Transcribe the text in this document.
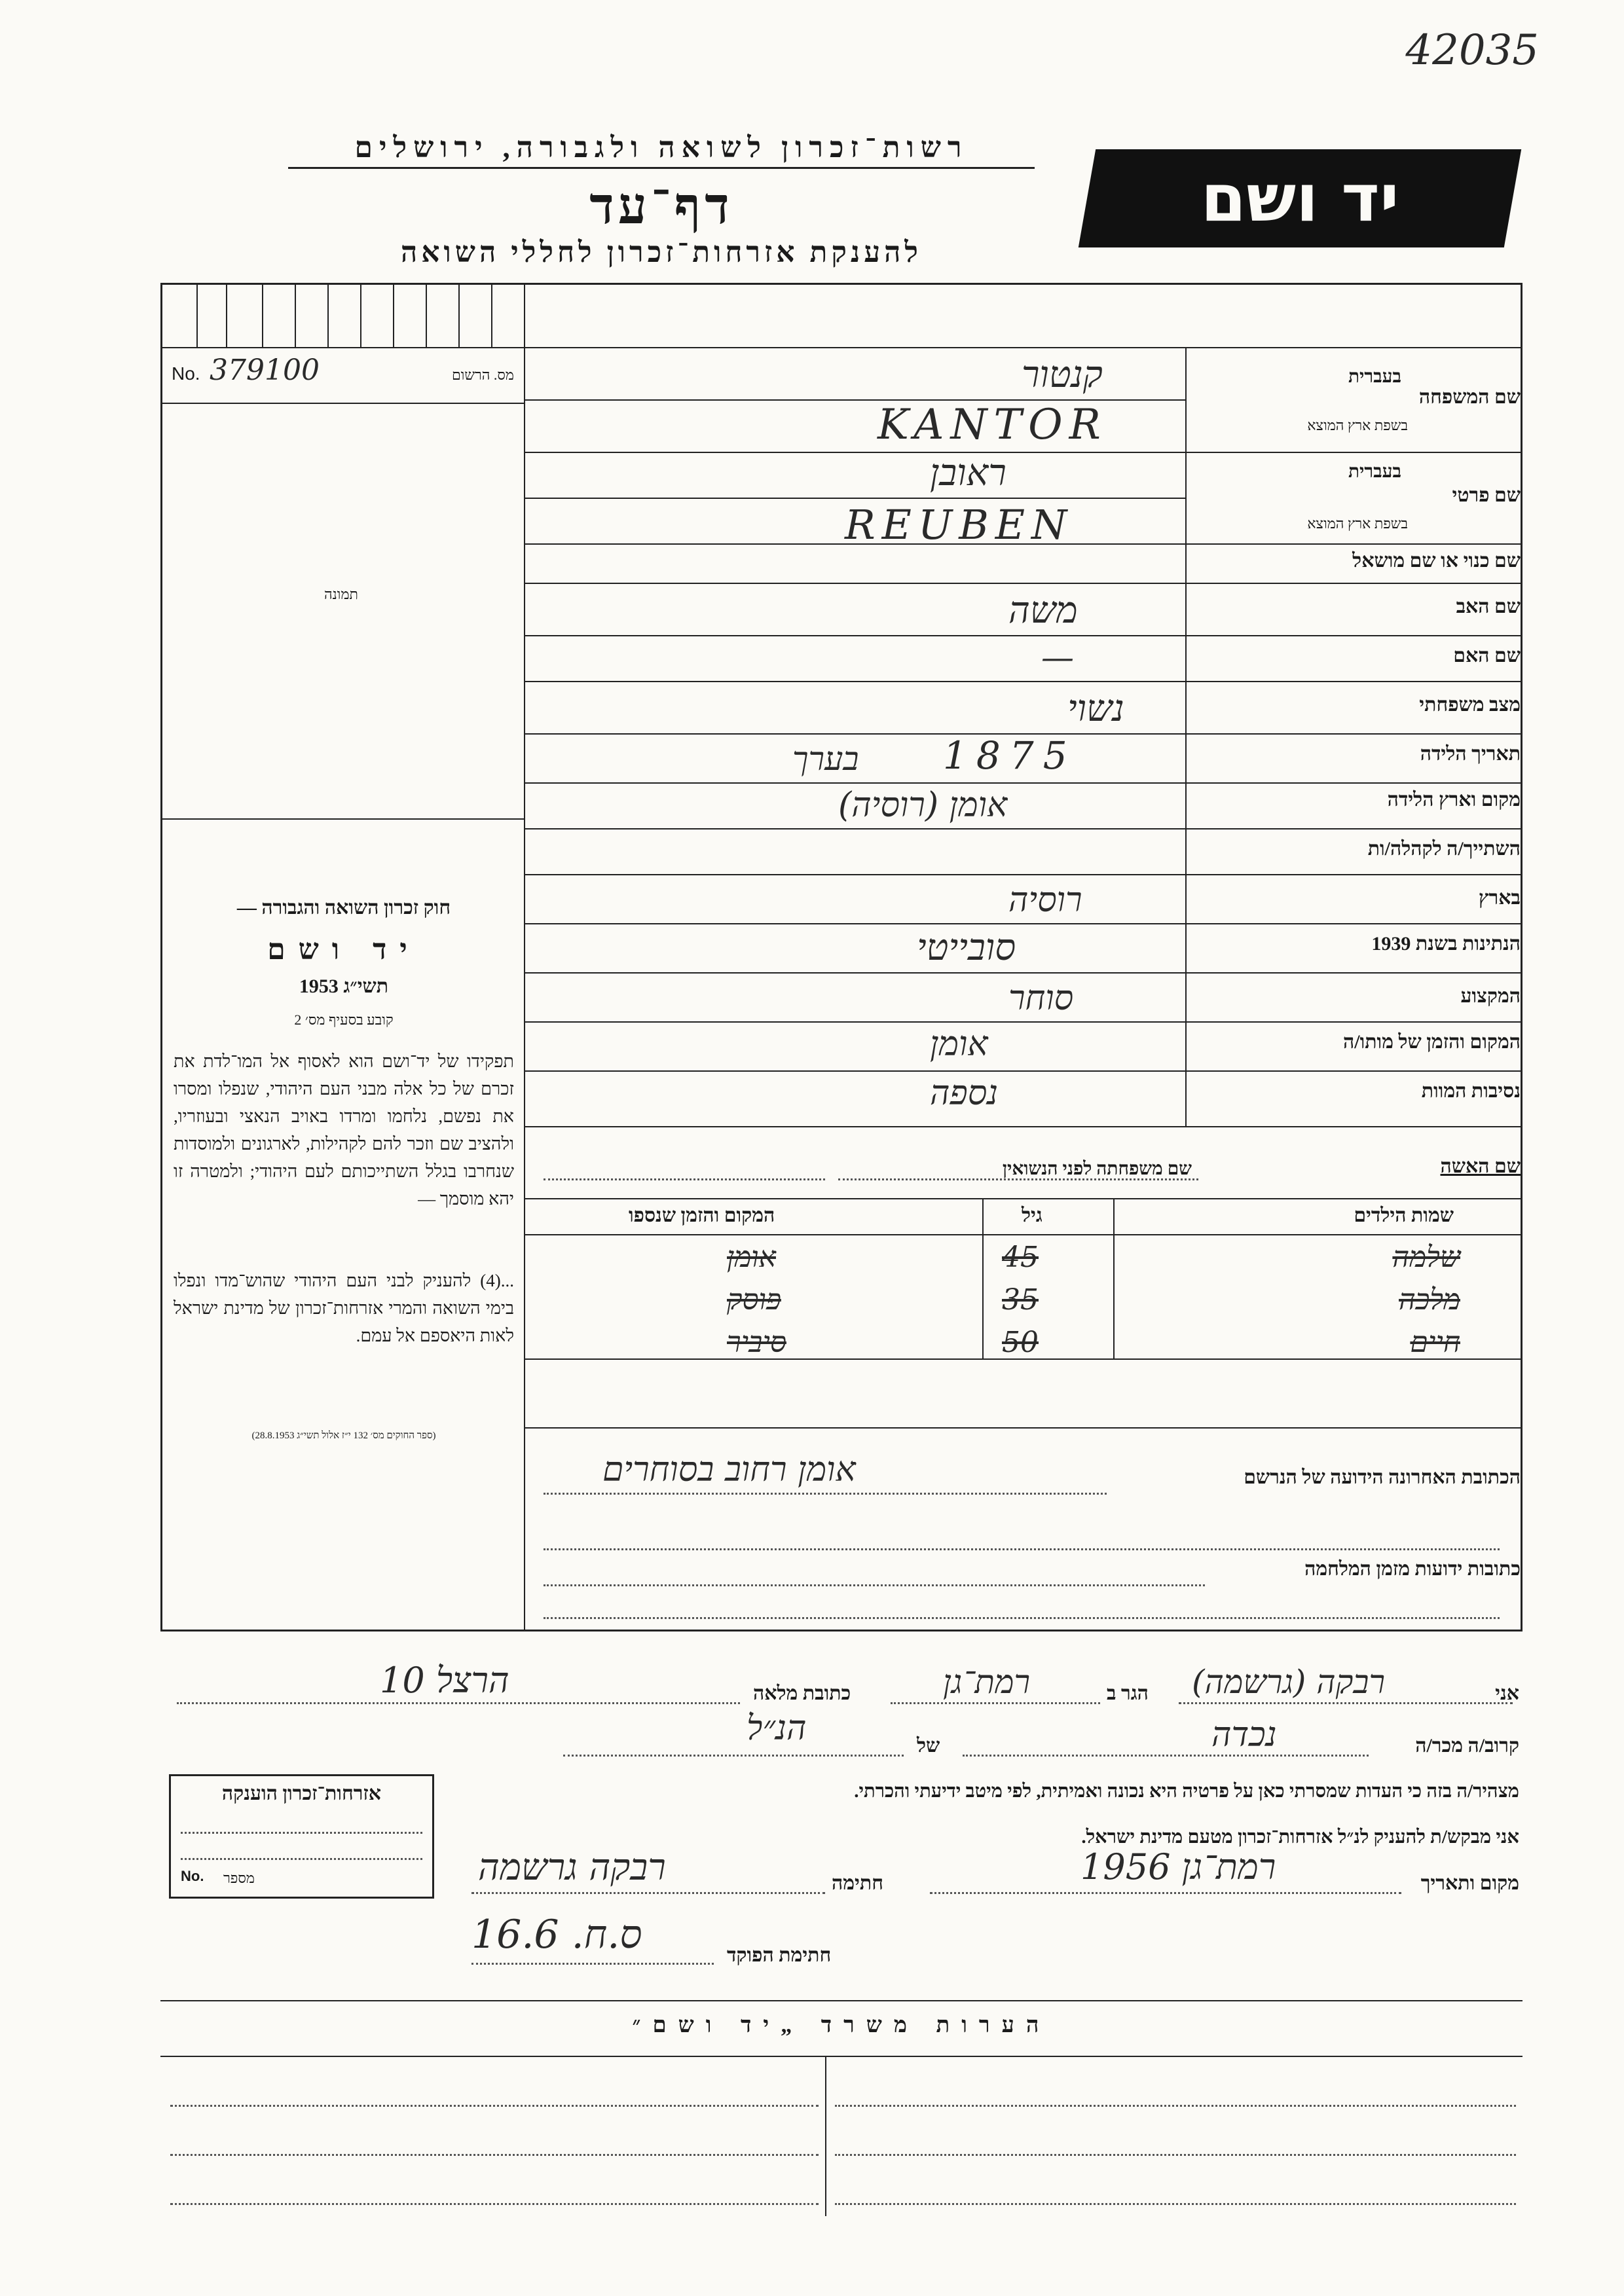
42035
יד ושם
רשות־זכרון לשואה ולגבורה, ירושלים
דף־עד
להענקת אזרחות־זכרון לחללי השואה
No. 379100	מס. הרשום
תמונה
חוק זכרון השואה והגבורה —
יד ושם
תשי״ג 1953
קובע בסעיף מס׳ 2
תפקידו של יד־ושם הוא לאסוף אל המו־לדת את זכרם של כל אלה מבני העם היהודי, שנפלו ומסרו את נפשם, נלחמו ומרדו באויב הנאצי ובעוזריו, ולהציב שם וזכר להם לקהילות, לארגונים ולמוסדות שנחרבו בגלל השתייכותם לעם היהודי; ולמטרה זו יהא מוסמך —
...(4) להעניק לבני העם היהודי שהוש־מדו ונפלו בימי השואה והמרי אזרחות־זכרון של מדינת ישראל לאות היאספם אל עמם.
(ספר החוקים מס׳ 132 י״ז אלול תשי״ג 28.8.1953)
שם המשפחה
בעברית
בשפת ארץ המוצא
קנטור
KANTOR
שם פרטי
בעברית
בשפת ארץ המוצא
ראובן
REUBEN
שם כנוי או שם מושאל
שם האב
משה
שם האם
—
מצב משפחתי
נשוי
תאריך הלידה
1875
בערך
מקום וארץ הלידה
אומן (רוסיה)
השתייך/ה לקהלה/ות
בארץ
רוסיה
הנתינות בשנת 1939
סובייטי
המקצוע
סוחר
המקום והזמן של מותו/ה
אומן
נסיבות המוות
נספה
שם האשה
שם משפחתה לפני הנשואין
שמות הילדים
גיל
המקום והזמן שנספו
שלמה
45
אומן
מלכה
35
פוסק
חיים
50
סיביר
הכתובת האחרונה הידועה של הנרשם
אומן רחוב בסוחרים
כתובות ידועות מזמן המלחמה
אני
רבקה (גרשמה)
הגר ב
רמת־גן
כתובת מלאה
הרצל 10
קרוב/ה מכר/ה
נכדה
של
הנ״ל
מצהיר/ה בזה כי העדות שמסרתי כאן על פרטיה היא נכונה ואמיתית, לפי מיטב ידיעתי והכרתי.
אני מבקש/ת להעניק לנ״ל אזרחות־זכרון מטעם מדינת ישראל.
מקום ותאריך
רמת־גן 1956
חתימה
רבקה גרשמה
חתימת הפוקד
ס.ח. 16.6
אזרחות־זכרון הוענקה
No. מספר
הערות משרד „יד ושם״
